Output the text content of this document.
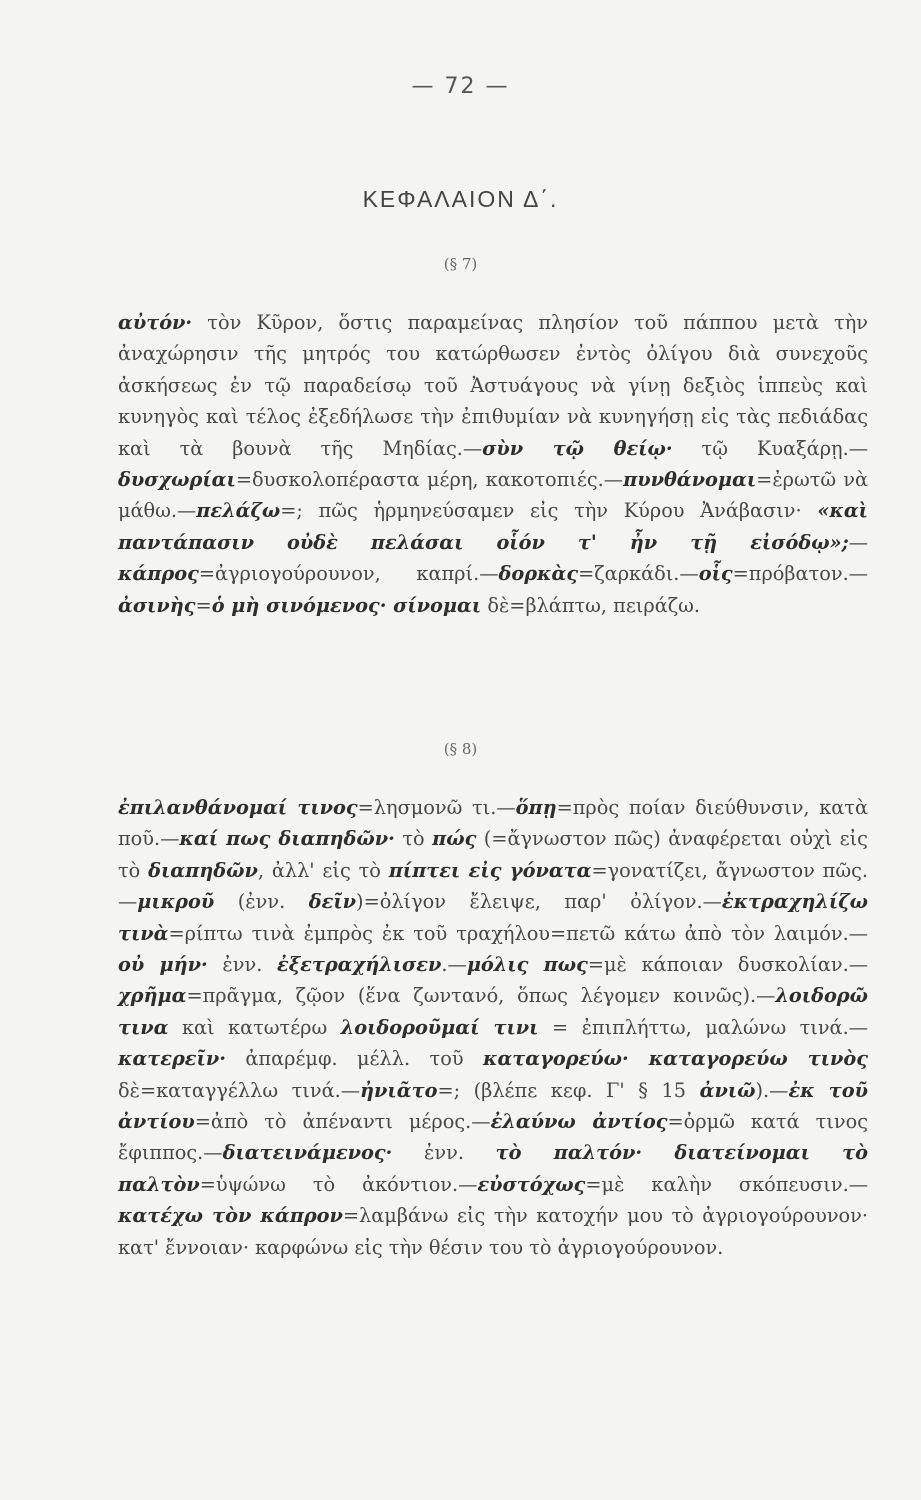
— 72 —
ΚΕΦΑΛΑΙΟΝ Δ΄.
(§ 7)

αὐτόν· τὸν Κῦρον, ὅστις παραμείνας πλησίον τοῦ πάππου μετὰ τὴν ἀναχώρησιν τῆς μητρός του κατώρθωσεν ἐντὸς ὀλίγου διὰ συνεχοῦς ἀσκήσεως ἐν τῷ παραδείσῳ τοῦ Ἀστυάγους νὰ γίνῃ δεξιὸς ἱππεὺς καὶ κυνηγὸς καὶ τέλος ἐξεδήλωσε τὴν ἐπιθυμίαν νὰ κυνηγήσῃ εἰς τὰς πεδιάδας καὶ τὰ βουνὰ τῆς Μηδίας.—σὺν τῷ θείῳ· τῷ Κυαξάρῃ.—δυσχωρίαι=δυσκολοπέραστα μέρη, κακοτοπιές.—πυνθάνομαι=ἐρωτῶ νὰ μάθω.—πελάζω=; πῶς ἡρμηνεύσαμεν εἰς τὴν Κύρου Ἀνάβασιν· «καὶ παντάπασιν οὐδὲ πελάσαι οἷόν τ' ἦν τῇ εἰσόδῳ»;—κάπρος=ἀγριογούρουνον, καπρί.—δορκὰς=ζαρκάδι.—οἷς=πρόβατον.—ἀσινὴς=ὁ μὴ σινόμενος· σίνομαι δὲ=βλάπτω, πειράζω.

(§ 8)

ἐπιλανθάνομαί τινος=λησμονῶ τι.—ὅπῃ=πρὸς ποίαν διεύθυνσιν, κατὰ ποῦ.—καί πως διαπηδῶν· τὸ πώς (=ἄγνωστον πῶς) ἀναφέρεται οὐχὶ εἰς τὸ διαπηδῶν, ἀλλ' εἰς τὸ πίπτει εἰς γόνατα=γονατίζει, ἄγνωστον πῶς.—μικροῦ (ἐνν. δεῖν)=ὀλίγον ἔλειψε, παρ' ὀλίγον.—ἐκτραχηλίζω τινὰ=ρίπτω τινὰ ἐμπρὸς ἐκ τοῦ τραχήλου=πετῶ κάτω ἀπὸ τὸν λαιμόν.—οὐ μήν· ἐνν. ἐξετραχήλισεν.—μόλις πως=μὲ κάποιαν δυσκολίαν.—χρῆμα=πρᾶγμα, ζῷον (ἕνα ζωντανό, ὅπως λέγομεν κοινῶς).—λοιδορῶ τινα καὶ κατωτέρω λοιδοροῦμαί τινι = ἐπιπλήττω, μαλώνω τινά.—κατερεῖν· ἀπαρέμφ. μέλλ. τοῦ καταγορεύω· καταγορεύω τινὸς δὲ=καταγγέλλω τινά.—ἠνιᾶτο=; (βλέπε κεφ. Γ' § 15 ἀνιῶ).—ἐκ τοῦ ἀντίου=ἀπὸ τὸ ἀπέναντι μέρος.—ἐλαύνω ἀντίος=ὁρμῶ κατά τινος ἔφιππος.—διατεινάμενος· ἐνν. τὸ παλτόν· διατείνομαι τὸ παλτὸν=ὑψώνω τὸ ἀκόντιον.—εὐστόχως=μὲ καλὴν σκόπευσιν.—κατέχω τὸν κάπρον=λαμβάνω εἰς τὴν κατοχήν μου τὸ ἀγριογούρουνον· κατ' ἔννοιαν· καρφώνω εἰς τὴν θέσιν του τὸ ἀγριογούρουνον.
